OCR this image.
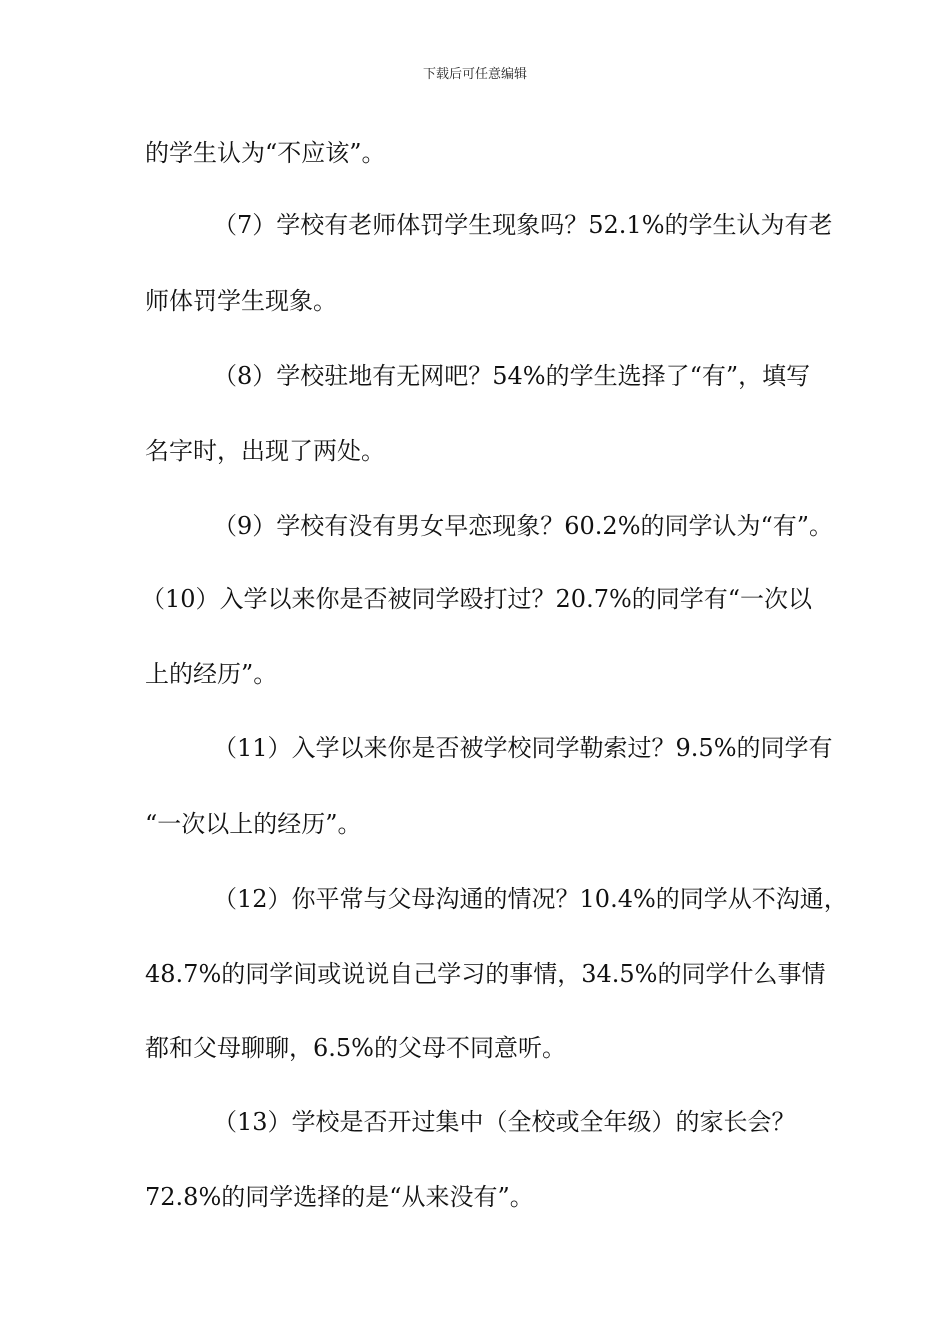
下载后可任意编辑
的学生认为“不应该”。
（7）学校有老师体罚学生现象吗？52.1%的学生认为有老
师体罚学生现象。
（8）学校驻地有无网吧？54%的学生选择了“有”，填写
名字时，出现了两处。
（9）学校有没有男女早恋现象？60.2%的同学认为“有”。
（10）入学以来你是否被同学殴打过？20.7%的同学有“一次以
上的经历”。
（11）入学以来你是否被学校同学勒索过？9.5%的同学有
“一次以上的经历”。
（12）你平常与父母沟通的情况？10.4%的同学从不沟通，
48.7%的同学间或说说自己学习的事情，34.5%的同学什么事情
都和父母聊聊，6.5%的父母不同意听。
（13）学校是否开过集中（全校或全年级）的家长会？
72.8%的同学选择的是“从来没有”。
